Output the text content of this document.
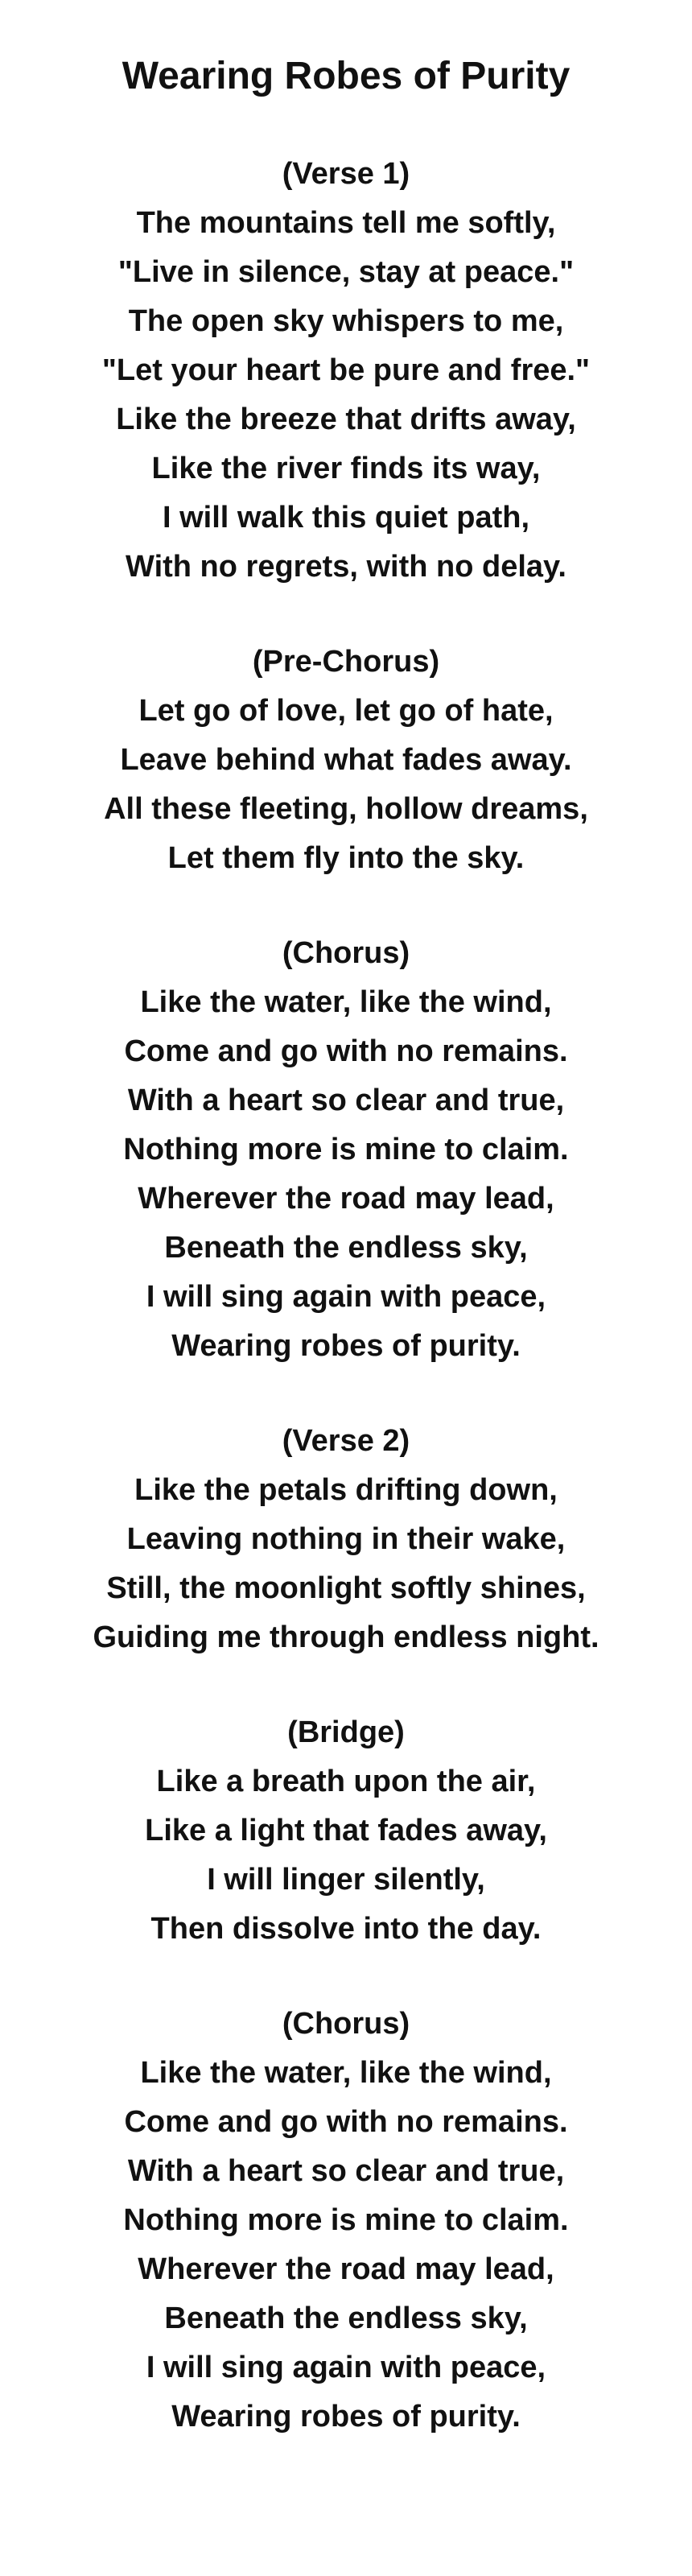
Wearing Robes of Purity
(Verse 1)
The mountains tell me softly,
"Live in silence, stay at peace."
The open sky whispers to me,
"Let your heart be pure and free."
Like the breeze that drifts away,
Like the river finds its way,
I will walk this quiet path,
With no regrets, with no delay.
(Pre-Chorus)
Let go of love, let go of hate,
Leave behind what fades away.
All these fleeting, hollow dreams,
Let them fly into the sky.
(Chorus)
Like the water, like the wind,
Come and go with no remains.
With a heart so clear and true,
Nothing more is mine to claim.
Wherever the road may lead,
Beneath the endless sky,
I will sing again with peace,
Wearing robes of purity.
(Verse 2)
Like the petals drifting down,
Leaving nothing in their wake,
Still, the moonlight softly shines,
Guiding me through endless night.
(Bridge)
Like a breath upon the air,
Like a light that fades away,
I will linger silently,
Then dissolve into the day.
(Chorus)
Like the water, like the wind,
Come and go with no remains.
With a heart so clear and true,
Nothing more is mine to claim.
Wherever the road may lead,
Beneath the endless sky,
I will sing again with peace,
Wearing robes of purity.
